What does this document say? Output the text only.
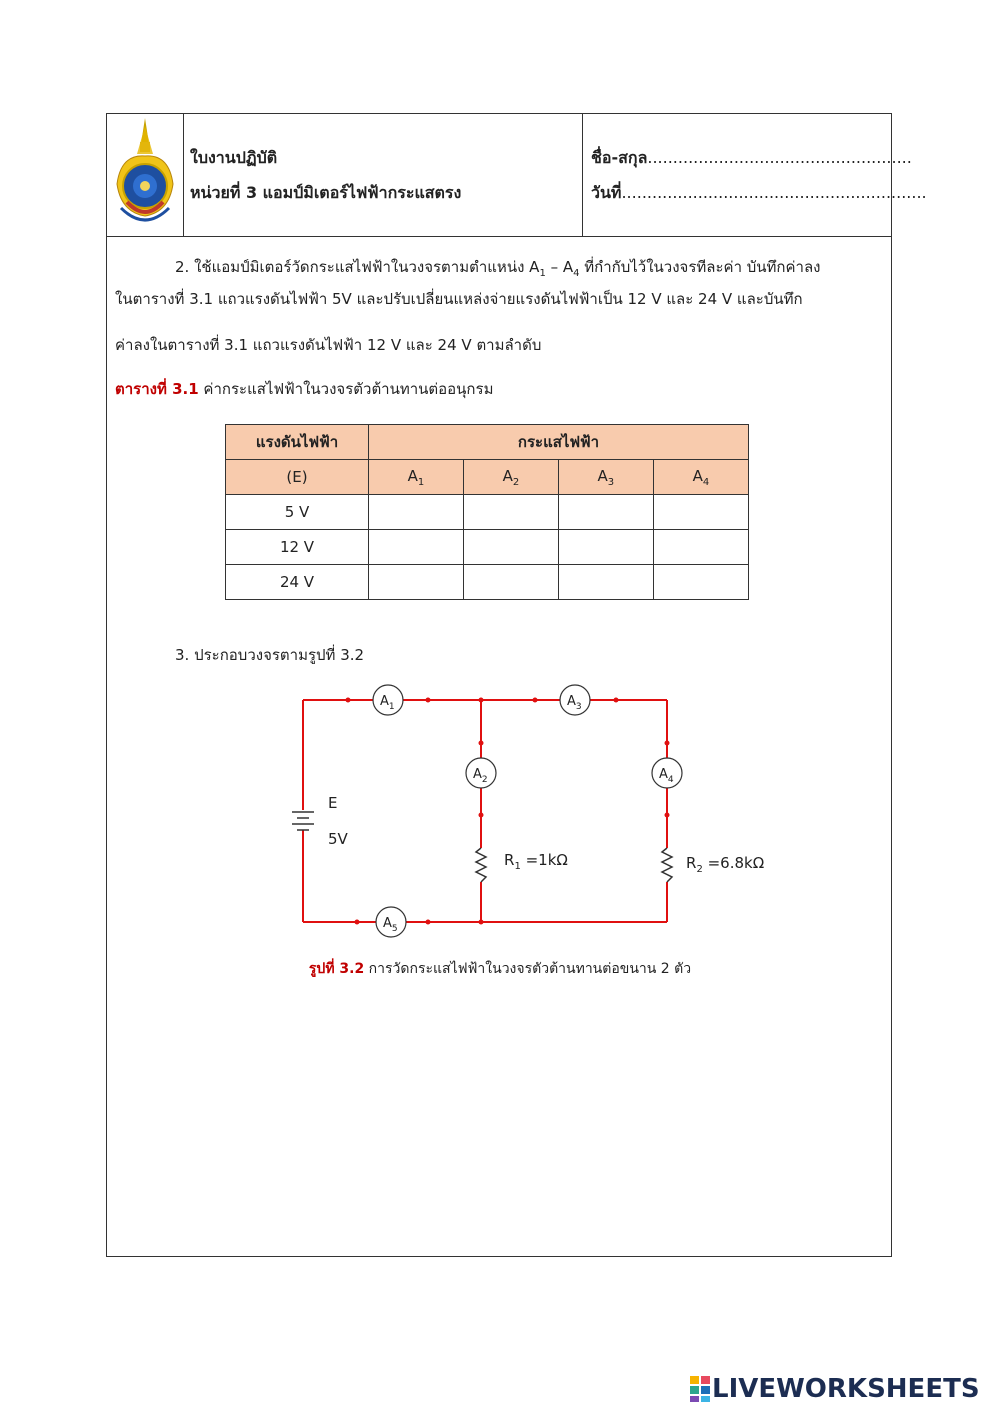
ใบงานปฏิบัติ
หน่วยที่ 3 แอมป์มิเตอร์ไฟฟ้ากระแสตรง
ชื่อ-สกุล....................................................
วันที่............................................................
2. ใช้แอมป์มิเตอร์วัดกระแสไฟฟ้าในวงจรตามตำแหน่ง $A_1 - A_4$ ที่กำกับไว้ในวงจรทีละค่า บันทึกค่าลง
ในตารางที่ 3.1 แถวแรงดันไฟฟ้า 5V และปรับเปลี่ยนแหล่งจ่ายแรงดันไฟฟ้าเป็น 12 V และ 24 V และบันทึก
ค่าลงในตารางที่ 3.1 แถวแรงดันไฟฟ้า 12 V และ 24 V ตามลำดับ
ตารางที่ 3.1 ค่ากระแสไฟฟ้าในวงจรตัวต้านทานต่ออนุกรม
แรงดันไฟฟ้า	กระแสไฟฟ้า			
(E)	$A_1$	$A_2$	$A_3$	$A_4$
5 V				
12 V				
24 V				
3. ประกอบวงจรตามรูปที่ 3.2
$A_1$	$A_3$
$A_2$	$A_4$
$A_5$
E
5V
$R_1 =1k\Omega$	$R_2 =6.8k\Omega$
รูปที่ 3.2 การวัดกระแสไฟฟ้าในวงจรตัวต้านทานต่อขนาน 2 ตัว
LIVEWORKSHEETS
